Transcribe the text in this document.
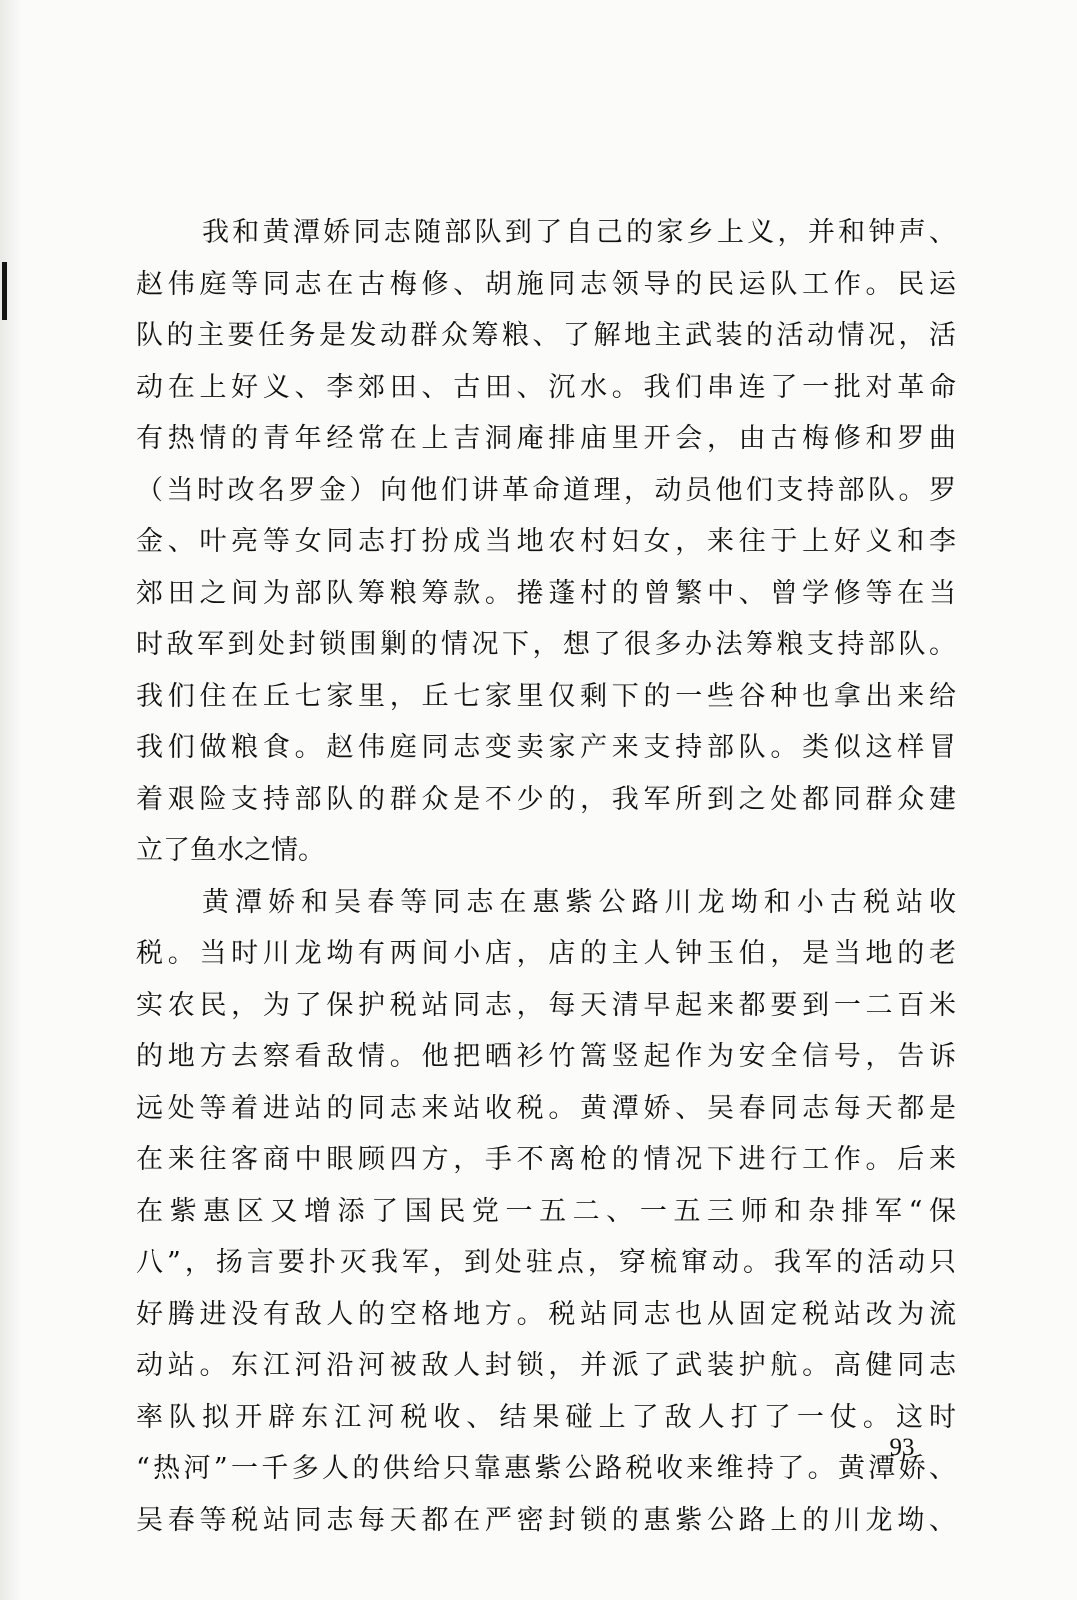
我和黄潭娇同志随部队到了自己的家乡上义，并和钟声、
赵伟庭等同志在古梅修、胡施同志领导的民运队工作。民运
队的主要任务是发动群众筹粮、了解地主武装的活动情况，活
动在上好义、李郊田、古田、沉水。我们串连了一批对革命
有热情的青年经常在上吉洞庵排庙里开会，由古梅修和罗曲
（当时改名罗金）向他们讲革命道理，动员他们支持部队。罗
金、叶亮等女同志打扮成当地农村妇女，来往于上好义和李
郊田之间为部队筹粮筹款。捲蓬村的曾繁中、曾学修等在当
时敌军到处封锁围剿的情况下，想了很多办法筹粮支持部队。
我们住在丘七家里，丘七家里仅剩下的一些谷种也拿出来给
我们做粮食。赵伟庭同志变卖家产来支持部队。类似这样冒
着艰险支持部队的群众是不少的，我军所到之处都同群众建
立了鱼水之情。
黄潭娇和吴春等同志在惠紫公路川龙坳和小古税站收
税。当时川龙坳有两间小店，店的主人钟玉伯，是当地的老
实农民，为了保护税站同志，每天清早起来都要到一二百米
的地方去察看敌情。他把晒衫竹篙竖起作为安全信号，告诉
远处等着进站的同志来站收税。黄潭娇、吴春同志每天都是
在来往客商中眼顾四方，手不离枪的情况下进行工作。后来
在紫惠区又增添了国民党一五二、一五三师和杂排军“保
八”，扬言要扑灭我军，到处驻点，穿梳窜动。我军的活动只
好腾进没有敌人的空格地方。税站同志也从固定税站改为流
动站。东江河沿河被敌人封锁，并派了武装护航。高健同志
率队拟开辟东江河税收、结果碰上了敌人打了一仗。这时
“热河”一千多人的供给只靠惠紫公路税收来维持了。黄潭娇、
吴春等税站同志每天都在严密封锁的惠紫公路上的川龙坳、
93
